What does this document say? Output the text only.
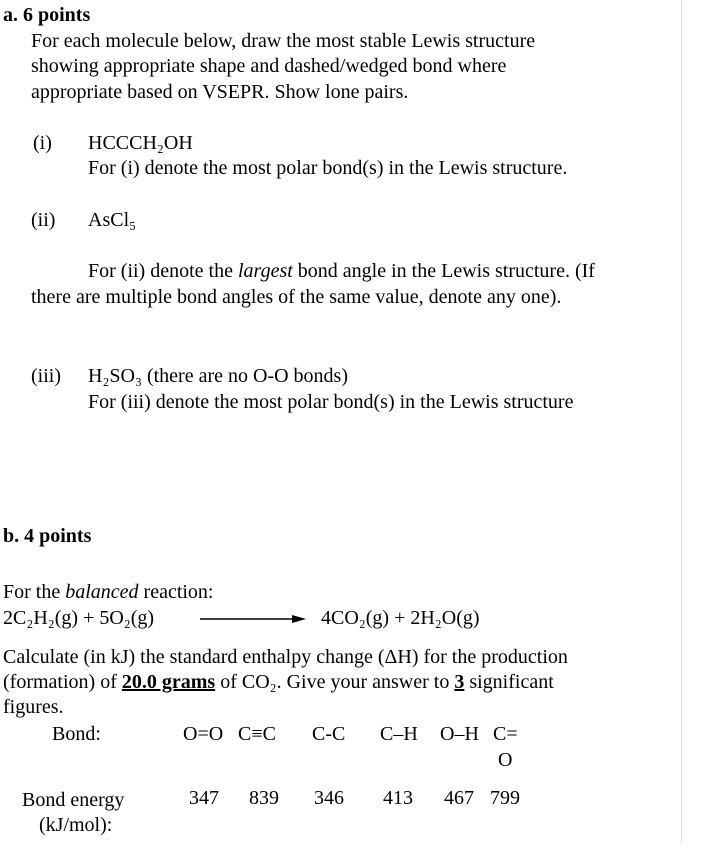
a. 6 points
For each molecule below, draw the most stable Lewis structure
showing appropriate shape and dashed/wedged bond where
appropriate based on VSEPR. Show lone pairs.
(i) HCCCH₂OH
For (i) denote the most polar bond(s) in the Lewis structure.
(ii) AsCl₅
For (ii) denote the largest bond angle in the Lewis structure. (If
there are multiple bond angles of the same value, denote any one).
(iii) H₂SO₃ (there are no O-O bonds)
For (iii) denote the most polar bond(s) in the Lewis structure
b. 4 points
For the balanced reaction:
2C₂H₂(g) + 5O₂(g)	4CO₂(g) + 2H₂O(g)
Calculate (in kJ) the standard enthalpy change (ΔH) for the production
(formation) of 20.0 grams of CO₂. Give your answer to 3 significant
figures.
Bond:	O=O C≡C C-C C–H O–H C=
O
Bond energy
(kJ/mol):
347 839 346 413 467 799
